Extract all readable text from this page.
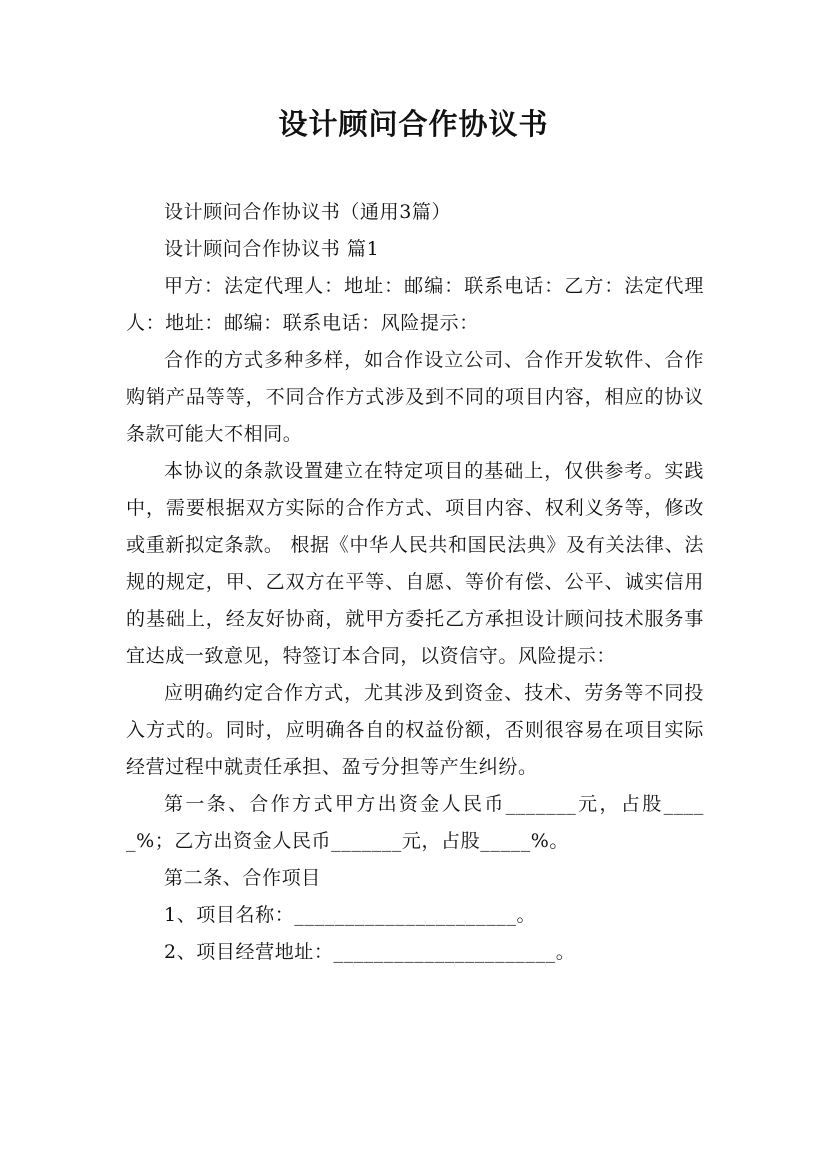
设计顾问合作协议书

设计顾问合作协议书（通用3篇）

设计顾问合作协议书 篇1

甲方：法定代理人：地址：邮编：联系电话：乙方：法定代理人：地址：邮编：联系电话：风险提示：

合作的方式多种多样，如合作设立公司、合作开发软件、合作购销产品等等，不同合作方式涉及到不同的项目内容，相应的协议条款可能大不相同。

本协议的条款设置建立在特定项目的基础上，仅供参考。实践中，需要根据双方实际的合作方式、项目内容、权利义务等，修改或重新拟定条款。 根据《中华人民共和国民法典》及有关法律、法规的规定，甲、乙双方在平等、自愿、等价有偿、公平、诚实信用的基础上，经友好协商，就甲方委托乙方承担设计顾问技术服务事宜达成一致意见，特签订本合同，以资信守。风险提示：

应明确约定合作方式，尤其涉及到资金、技术、劳务等不同投入方式的。同时，应明确各自的权益份额，否则很容易在项目实际经营过程中就责任承担、盈亏分担等产生纠纷。

第一条、合作方式甲方出资金人民币_______元，占股_____%；乙方出资金人民币_______元，占股_____%。

第二条、合作项目

1、项目名称：______________________。

2、项目经营地址：______________________。
